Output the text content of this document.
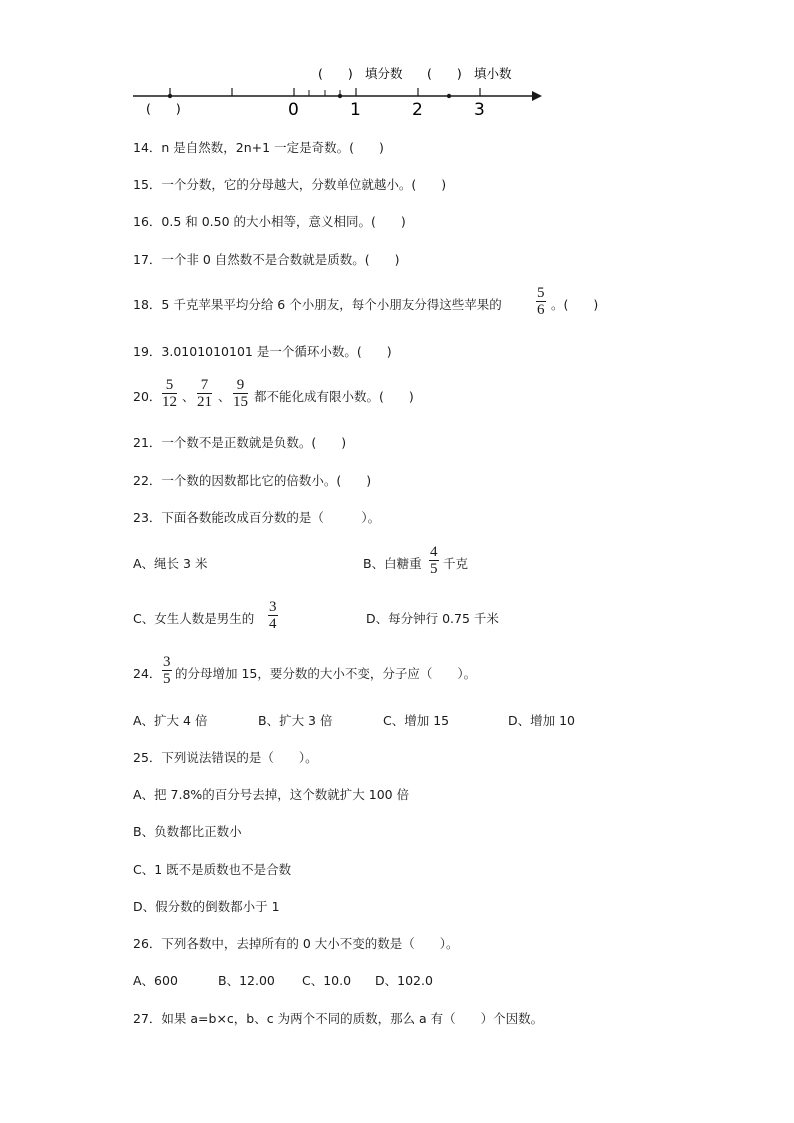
0	1	2	3
(　　)
(　　) 填分数 (　　) 填小数
14．n 是自然数，2n+1 一定是奇数。(　　)
15．一个分数，它的分母越大，分数单位就越小。(　　)
16．0.5 和 0.50 的大小相等，意义相同。(　　)
17．一个非 0 自然数不是合数就是质数。(　　)
18．5 千克苹果平均分给 6 个小朋友，每个小朋友分得这些苹果的 $\frac{5}{6}$ 。(　　)
19．3.0101010101 是一个循环小数。(　　)
20． $\frac{5}{12}$ 、 $\frac{7}{21}$ 、 $\frac{9}{15}$ 都不能化成有限小数。(　　)
21．一个数不是正数就是负数。(　　)
22．一个数的因数都比它的倍数小。(　　)
23．下面各数能改成百分数的是（　　　）。
A、绳长 3 米	B、白糖重 $\frac{4}{5}$ 千克
C、女生人数是男生的 $\frac{3}{4}$	D、每分钟行 0.75 千米
24． $\frac{3}{5}$ 的分母增加 15，要分数的大小不变，分子应（　　）。
A、扩大 4 倍	B、扩大 3 倍	C、增加 15	D、增加 10
25．下列说法错误的是（　　）。
A、把 7.8%的百分号去掉，这个数就扩大 100 倍
B、负数都比正数小
C、1 既不是质数也不是合数
D、假分数的倒数都小于 1
26．下列各数中，去掉所有的 0 大小不变的数是（　　）。
A、600	B、12.00 C、10.0 D、102.0
27．如果 a=b×c，b、c 为两个不同的质数，那么 a 有（　　）个因数。
